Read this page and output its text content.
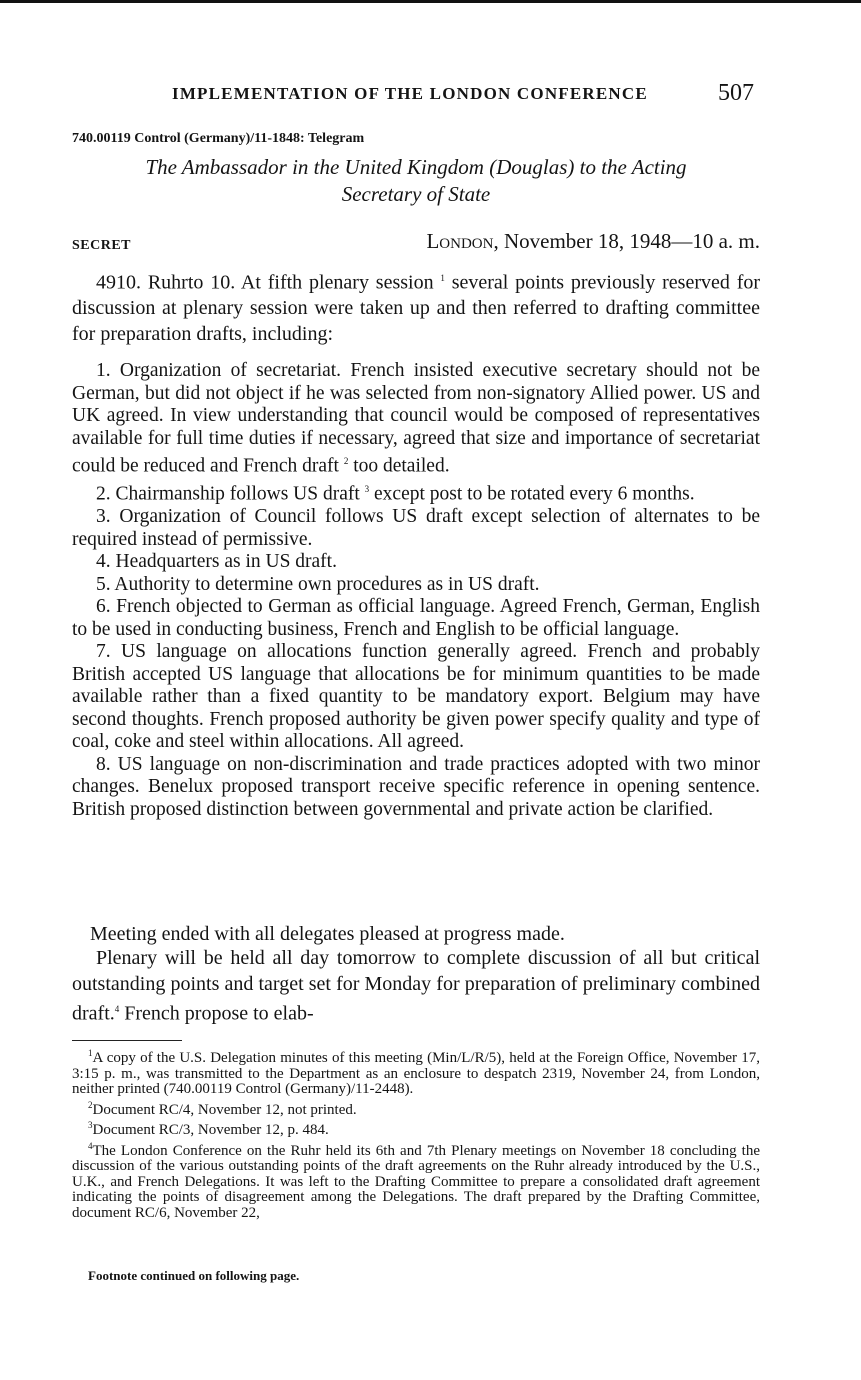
IMPLEMENTATION OF THE LONDON CONFERENCE	507
740.00119 Control (Germany)/11-1848: Telegram
The Ambassador in the United Kingdom (Douglas) to the Acting
Secretary of State
SECRET	London, November 18, 1948—10 a. m.
4910. Ruhrto 10. At fifth plenary session $^1$ several points previously reserved for discussion at plenary session were taken up and then referred to drafting committee for preparation drafts, including:
1. Organization of secretariat. French insisted executive secretary should not be German, but did not object if he was selected from non-signatory Allied power. US and UK agreed. In view understanding that council would be composed of representatives available for full time duties if necessary, agreed that size and importance of secretariat could be reduced and French draft $^2$ too detailed.
2. Chairmanship follows US draft $^3$ except post to be rotated every 6 months.
3. Organization of Council follows US draft except selection of alternates to be required instead of permissive.
4. Headquarters as in US draft.
5. Authority to determine own procedures as in US draft.
6. French objected to German as official language. Agreed French, German, English to be used in conducting business, French and English to be official language.
7. US language on allocations function generally agreed. French and probably British accepted US language that allocations be for minimum quantities to be made available rather than a fixed quantity to be mandatory export. Belgium may have second thoughts. French proposed authority be given power specify quality and type of coal, coke and steel within allocations. All agreed.
8. US language on non-discrimination and trade practices adopted with two minor changes. Benelux proposed transport receive specific reference in opening sentence. British proposed distinction between governmental and private action be clarified.
Meeting ended with all delegates pleased at progress made.
Plenary will be held all day tomorrow to complete discussion of all but critical outstanding points and target set for Monday for preparation of preliminary combined draft.$^4$ French propose to elab-
$^1$A copy of the U.S. Delegation minutes of this meeting (Min/L/R/5), held at the Foreign Office, November 17, 3:15 p. m., was transmitted to the Department as an enclosure to despatch 2319, November 24, from London, neither printed (740.00119 Control (Germany)/11-2448).
$^2$Document RC/4, November 12, not printed.
$^3$Document RC/3, November 12, p. 484.
$^4$The London Conference on the Ruhr held its 6th and 7th Plenary meetings on November 18 concluding the discussion of the various outstanding points of the draft agreements on the Ruhr already introduced by the U.S., U.K., and French Delegations. It was left to the Drafting Committee to prepare a consolidated draft agreement indicating the points of disagreement among the Delegations. The draft prepared by the Drafting Committee, document RC/6, November 22,
Footnote continued on following page.
